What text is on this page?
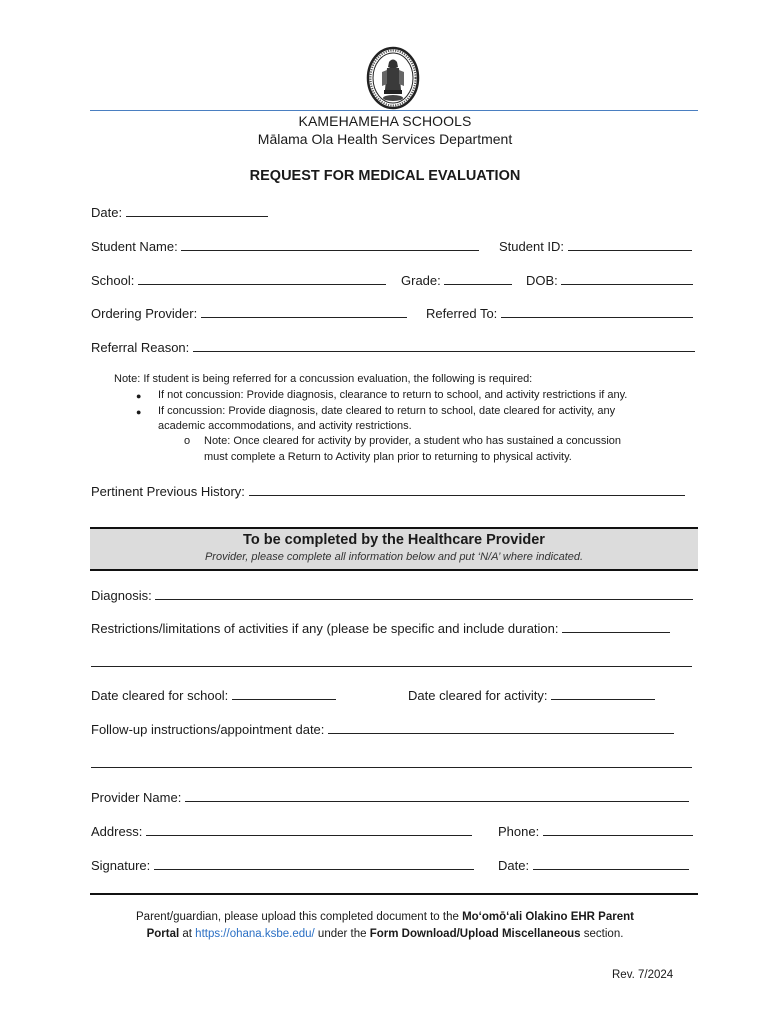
KAMEHAMEHA SCHOOLS
Mālama Ola Health Services Department
REQUEST FOR MEDICAL EVALUATION
Date:
Student Name:	Student ID:
School:	Grade:	DOB:
Ordering Provider:	Referred To:
Referral Reason:
Note: If student is being referred for a concussion evaluation, the following is required:
● If not concussion: Provide diagnosis, clearance to return to school, and activity restrictions if any.
● If concussion: Provide diagnosis, date cleared to return to school, date cleared for activity, any
academic accommodations, and activity restrictions.
o Note: Once cleared for activity by provider, a student who has sustained a concussion
must complete a Return to Activity plan prior to returning to physical activity.
Pertinent Previous History:
To be completed by the Healthcare Provider
Provider, please complete all information below and put ‘N/A’ where indicated.
Diagnosis:
Restrictions/limitations of activities if any (please be specific and include duration:
Date cleared for school:	Date cleared for activity:
Follow-up instructions/appointment date:
Provider Name:
Address:	Phone:
Signature:	Date:
Parent/guardian, please upload this completed document to the Moʻomōʻali Olakino EHR Parent
Portal at https://ohana.ksbe.edu/ under the Form Download/Upload Miscellaneous section.
Rev. 7/2024
